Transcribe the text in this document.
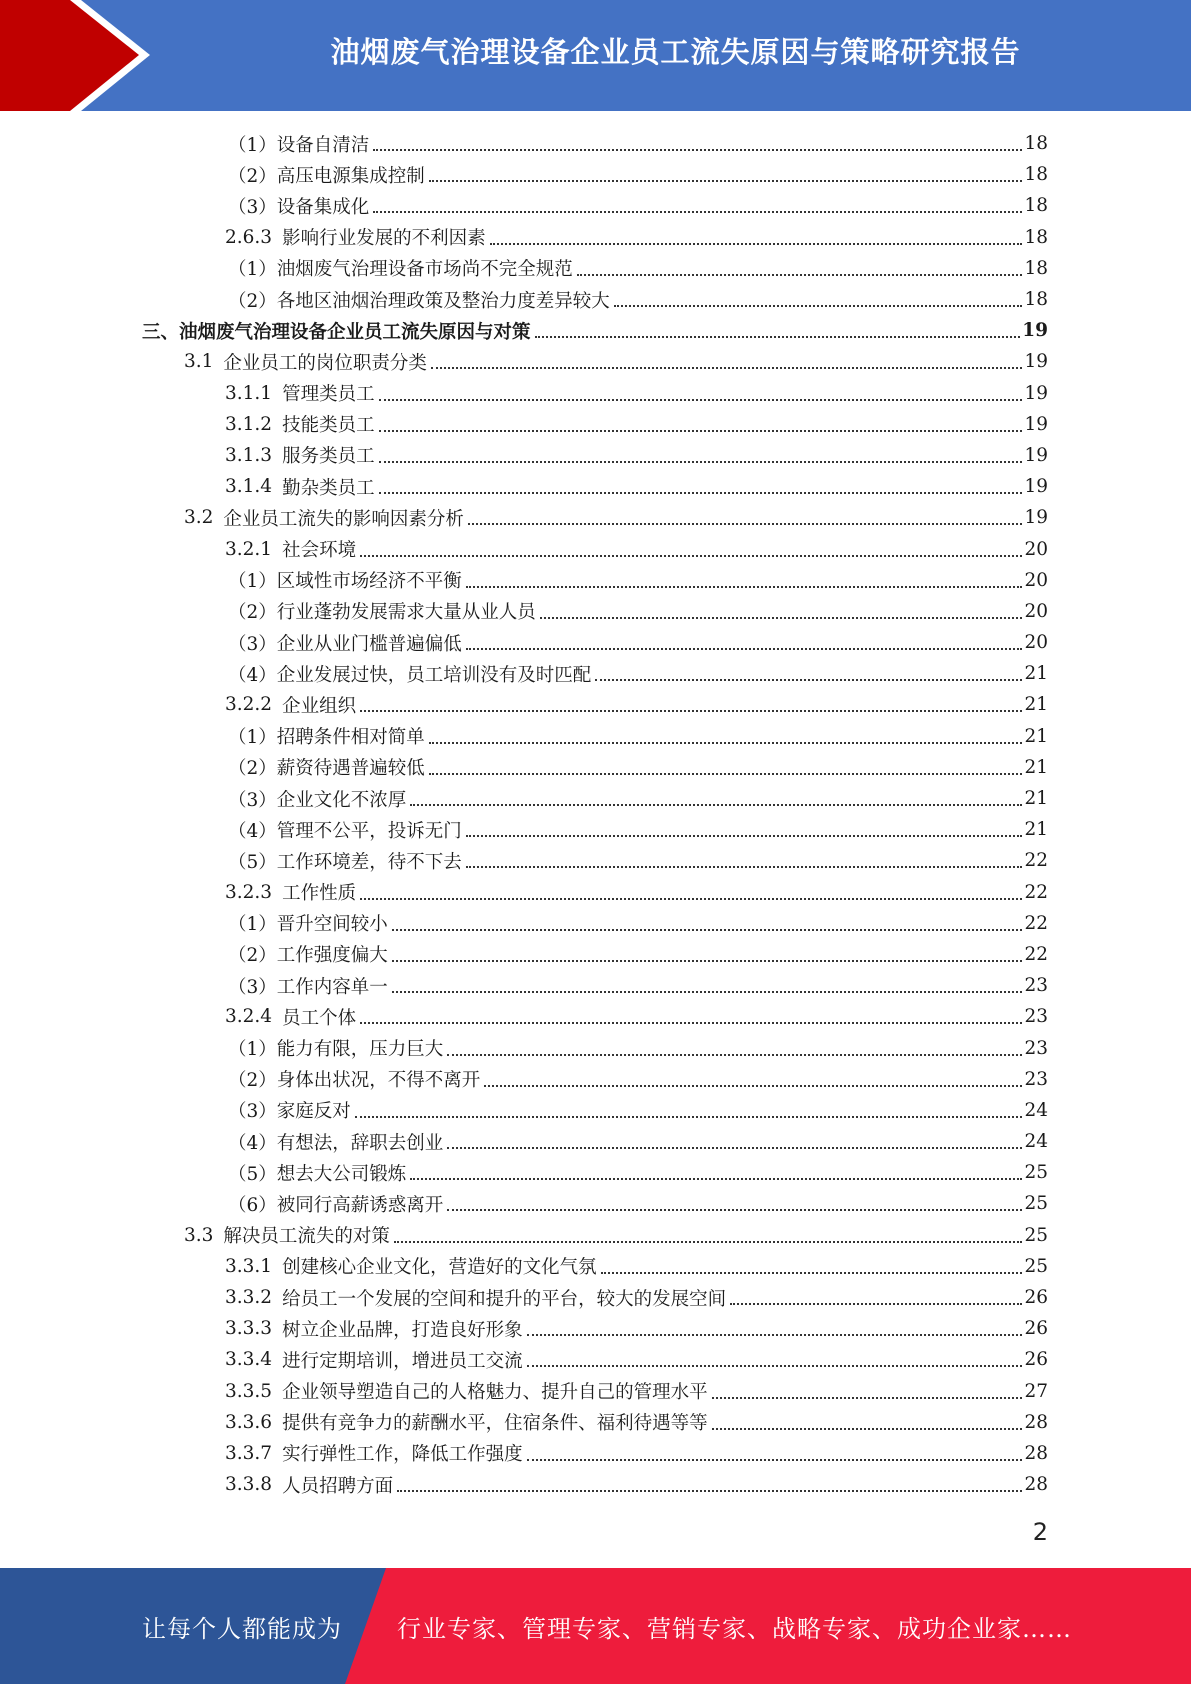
油烟废气治理设备企业员工流失原因与策略研究报告
（1）设备自清洁	18
（2）高压电源集成控制	18
（3）设备集成化	18
2.6.3 影响行业发展的不利因素	18
（1）油烟废气治理设备市场尚不完全规范	18
（2）各地区油烟治理政策及整治力度差异较大	18
三、油烟废气治理设备企业员工流失原因与对策	19
3.1 企业员工的岗位职责分类	19
3.1.1 管理类员工	19
3.1.2 技能类员工	19
3.1.3 服务类员工	19
3.1.4 勤杂类员工	19
3.2 企业员工流失的影响因素分析	19
3.2.1 社会环境	20
（1）区域性市场经济不平衡	20
（2）行业蓬勃发展需求大量从业人员	20
（3）企业从业门槛普遍偏低	20
（4）企业发展过快，员工培训没有及时匹配	21
3.2.2 企业组织	21
（1）招聘条件相对简单	21
（2）薪资待遇普遍较低	21
（3）企业文化不浓厚	21
（4）管理不公平，投诉无门	21
（5）工作环境差，待不下去	22
3.2.3 工作性质	22
（1）晋升空间较小	22
（2）工作强度偏大	22
（3）工作内容单一	23
3.2.4 员工个体	23
（1）能力有限，压力巨大	23
（2）身体出状况，不得不离开	23
（3）家庭反对	24
（4）有想法，辞职去创业	24
（5）想去大公司锻炼	25
（6）被同行高薪诱惑离开	25
3.3 解决员工流失的对策	25
3.3.1 创建核心企业文化，营造好的文化气氛	25
3.3.2 给员工一个发展的空间和提升的平台，较大的发展空间	26
3.3.3 树立企业品牌，打造良好形象	26
3.3.4 进行定期培训，增进员工交流	26
3.3.5 企业领导塑造自己的人格魅力、提升自己的管理水平	27
3.3.6 提供有竞争力的薪酬水平，住宿条件、福利待遇等等	28
3.3.7 实行弹性工作，降低工作强度	28
3.3.8 人员招聘方面	28
2
让每个人都能成为 行业专家、管理专家、营销专家、战略专家、成功企业家……
